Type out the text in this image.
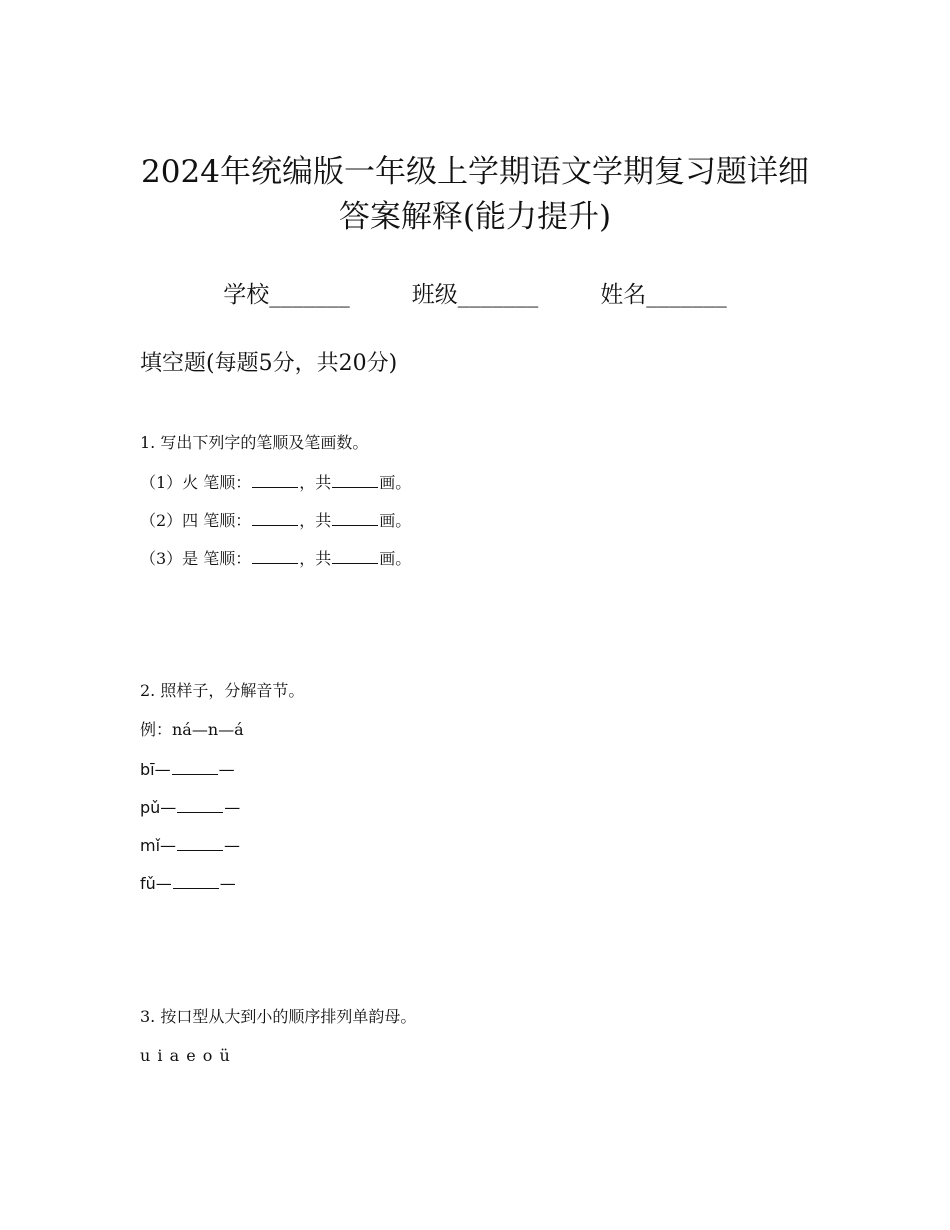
2024年统编版一年级上学期语文学期复习题详细
答案解释(能力提升)
学校_______	班级_______	姓名_______
填空题(每题5分，共20分)
1. 写出下列字的笔顺及笔画数。
（1）火 笔顺：	，共	画。
（2）四 笔顺：	，共	画。
（3）是 笔顺：	，共	画。
2. 照样子，分解音节。
例：ná—n—á
bī—	—
pǔ—	—
mǐ—	—
fǔ—	—
3. 按口型从大到小的顺序排列单韵母。
u i a e o ü
